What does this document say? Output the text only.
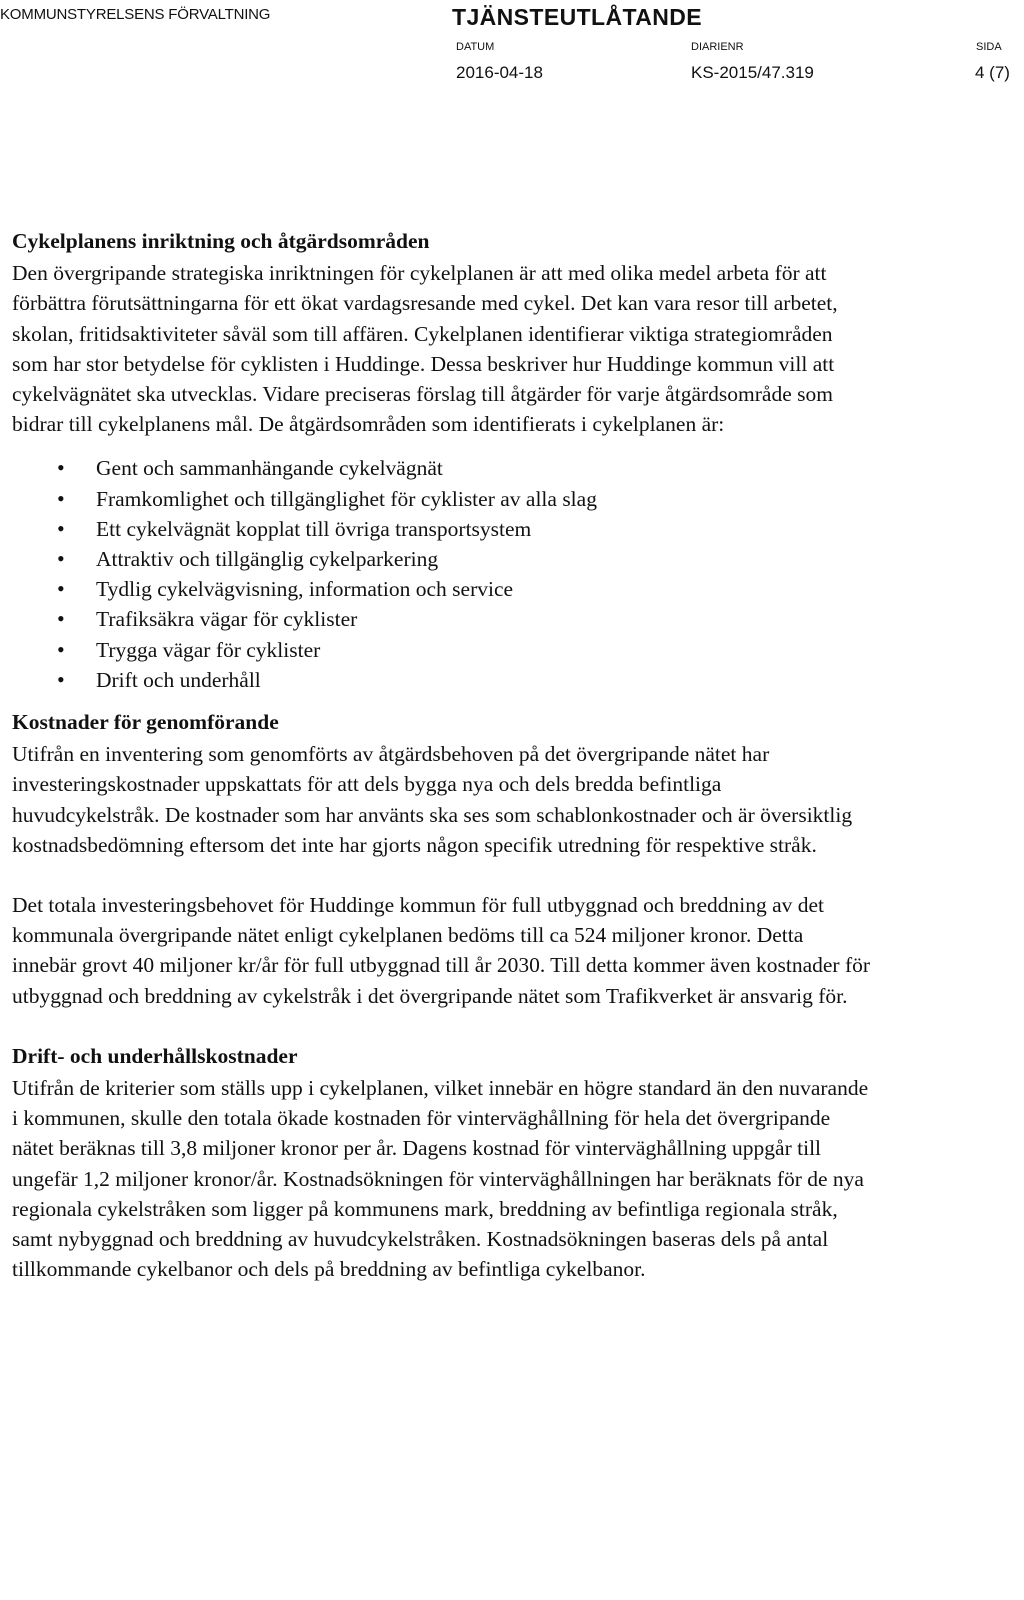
KOMMUNSTYRELSENS FÖRVALTNING	TJÄNSTEUTLÅTANDE
DATUM
2016-04-18
DIARIENR
KS-2015/47.319
SIDA
4 (7)
Cykelplanens inriktning och åtgärdsområden

Den övergripande strategiska inriktningen för cykelplanen är att med olika medel arbeta för att förbättra förutsättningarna för ett ökat vardagsresande med cykel. Det kan vara resor till arbetet, skolan, fritidsaktiviteter såväl som till affären. Cykelplanen identifierar viktiga strategiområden som har stor betydelse för cyklisten i Huddinge. Dessa beskriver hur Huddinge kommun vill att cykelvägnätet ska utvecklas. Vidare preciseras förslag till åtgärder för varje åtgärdsområde som bidrar till cykelplanens mål. De åtgärdsområden som identifierats i cykelplanen är:

• Gent och sammanhängande cykelvägnät
• Framkomlighet och tillgänglighet för cyklister av alla slag
• Ett cykelvägnät kopplat till övriga transportsystem
• Attraktiv och tillgänglig cykelparkering
• Tydlig cykelvägvisning, information och service
• Trafiksäkra vägar för cyklister
• Trygga vägar för cyklister
• Drift och underhåll
Kostnader för genomförande

Utifrån en inventering som genomförts av åtgärdsbehoven på det övergripande nätet har investeringskostnader uppskattats för att dels bygga nya och dels bredda befintliga huvudcykelstråk. De kostnader som har använts ska ses som schablonkostnader och är översiktlig kostnadsbedömning eftersom det inte har gjorts någon specifik utredning för respektive stråk.

Det totala investeringsbehovet för Huddinge kommun för full utbyggnad och breddning av det kommunala övergripande nätet enligt cykelplanen bedöms till ca 524 miljoner kronor. Detta innebär grovt 40 miljoner kr/år för full utbyggnad till år 2030. Till detta kommer även kostnader för utbyggnad och breddning av cykelstråk i det övergripande nätet som Trafikverket är ansvarig för.

Drift- och underhållskostnader

Utifrån de kriterier som ställs upp i cykelplanen, vilket innebär en högre standard än den nuvarande i kommunen, skulle den totala ökade kostnaden för vinterväghållning för hela det övergripande nätet beräknas till 3,8 miljoner kronor per år. Dagens kostnad för vinterväghållning uppgår till ungefär 1,2 miljoner kronor/år. Kostnadsökningen för vinterväghållningen har beräknats för de nya regionala cykelstråken som ligger på kommunens mark, breddning av befintliga regionala stråk, samt nybyggnad och breddning av huvudcykelstråken. Kostnadsökningen baseras dels på antal tillkommande cykelbanor och dels på breddning av befintliga cykelbanor.
